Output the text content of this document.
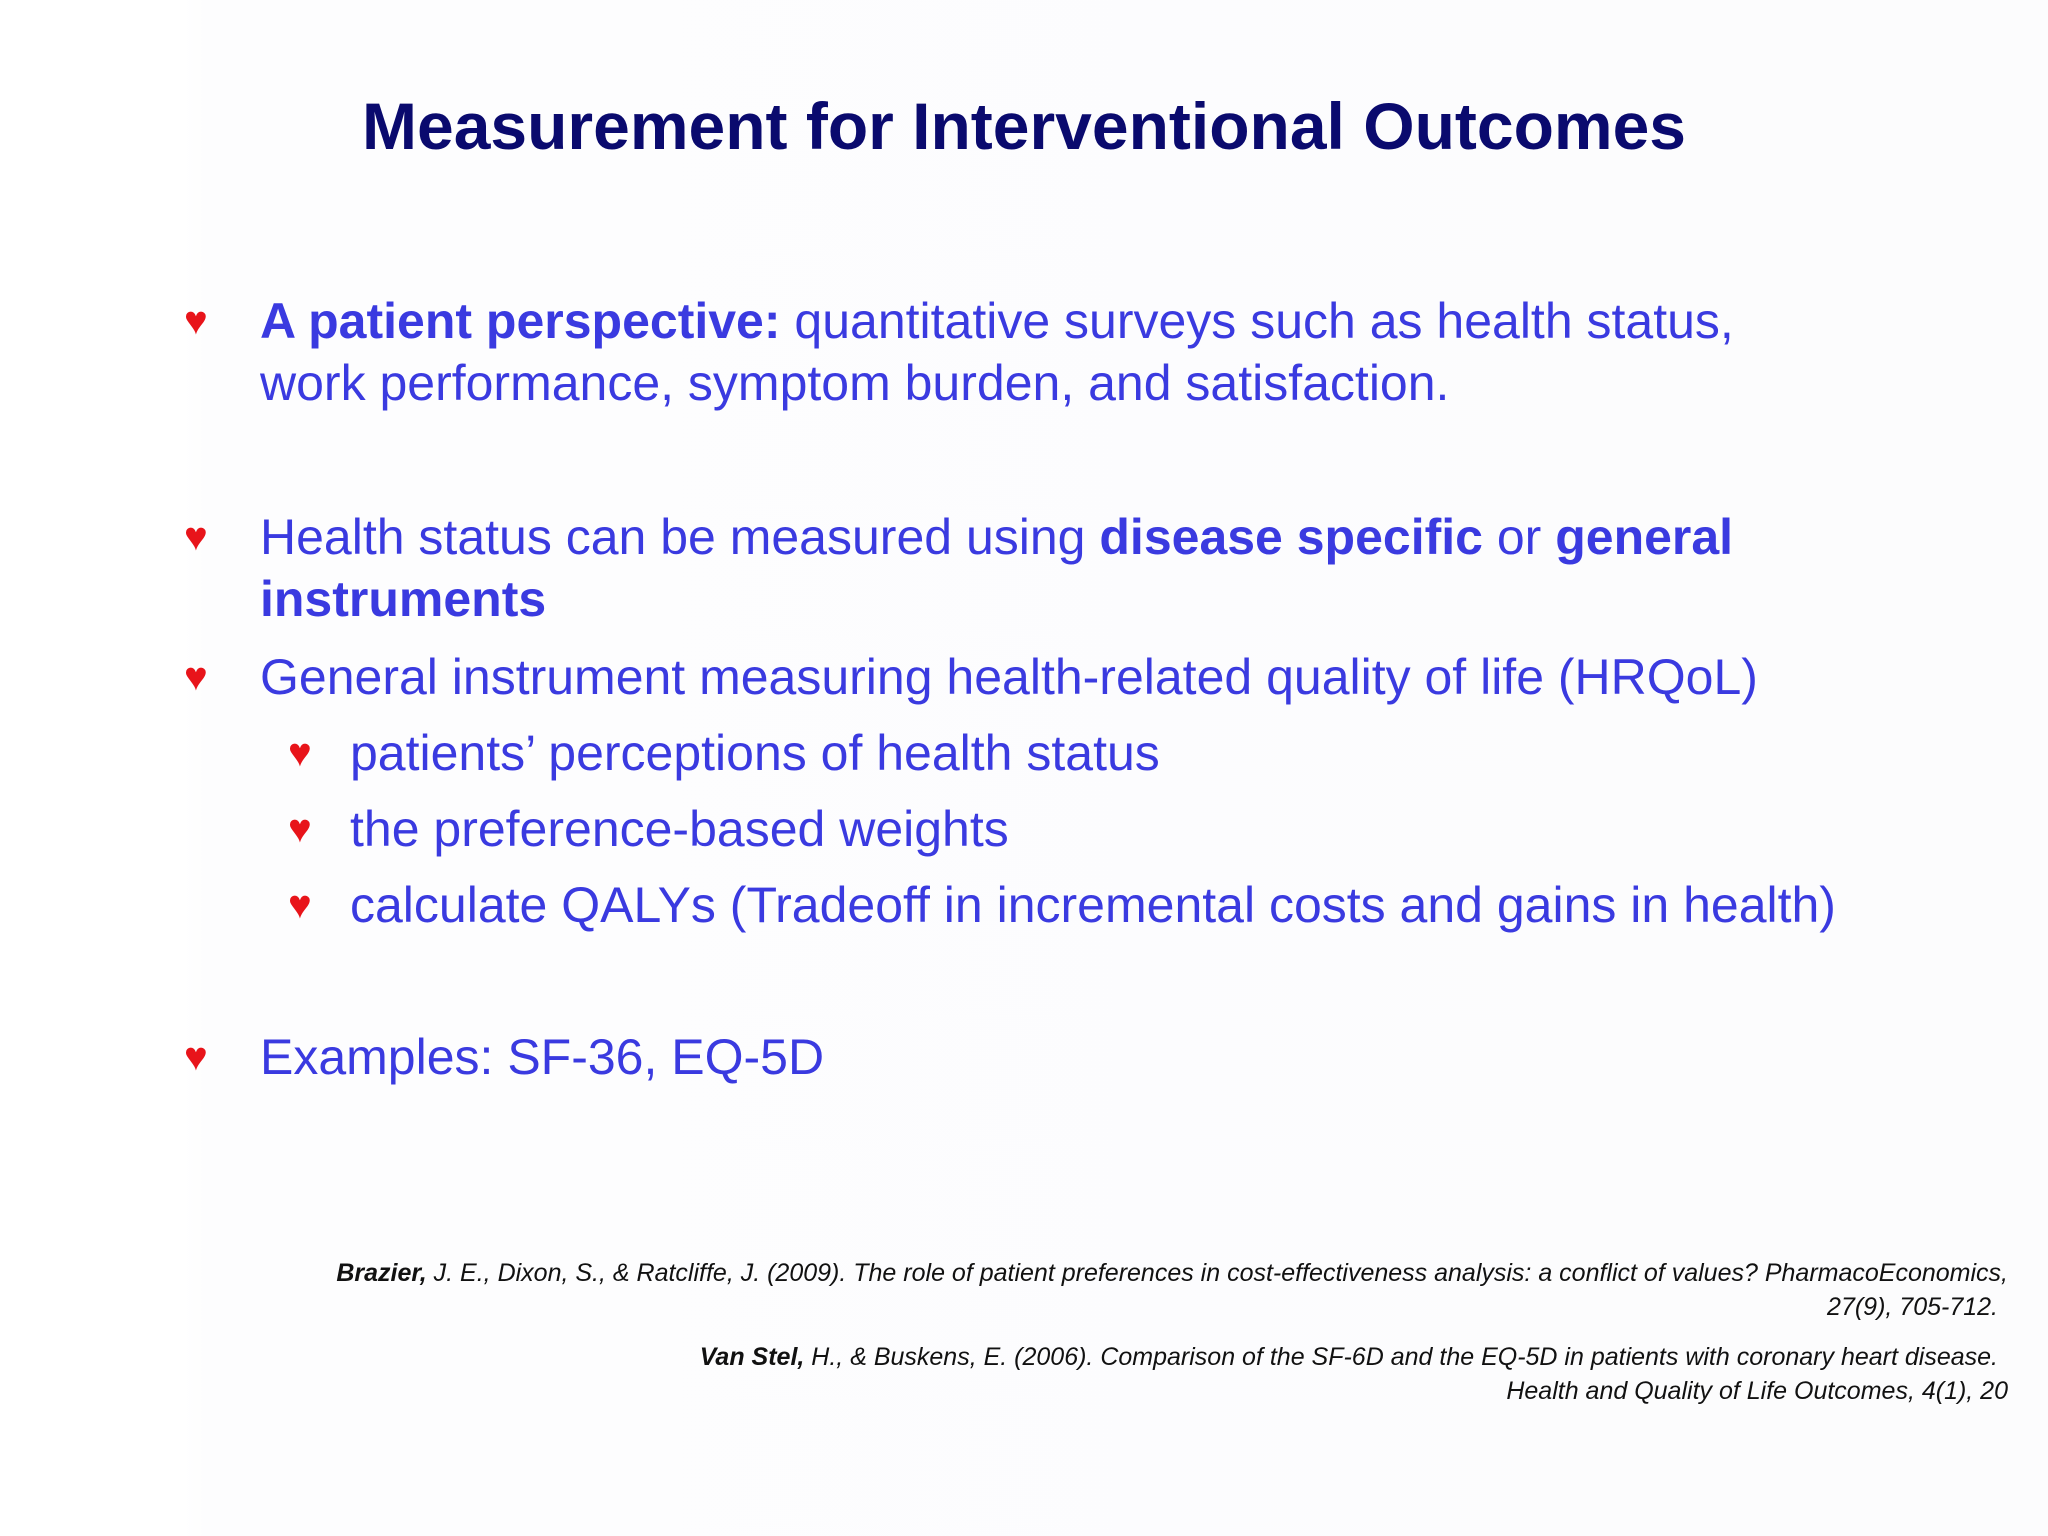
Measurement for Interventional Outcomes
♥ A patient perspective: quantitative surveys such as health status, work performance, symptom burden, and satisfaction.
♥ Health status can be measured using disease specific or general instruments
♥ General instrument measuring health-related quality of life (HRQoL)
♥ patients’ perceptions of health status
♥ the preference-based weights
♥ calculate QALYs (Tradeoff in incremental costs and gains in health)
♥ Examples: SF-36, EQ-5D
Brazier, J. E., Dixon, S., & Ratcliffe, J. (2009). The role of patient preferences in cost-effectiveness analysis: a conflict of values? PharmacoEconomics,
27(9), 705-712.
Van Stel, H., & Buskens, E. (2006). Comparison of the SF-6D and the EQ-5D in patients with coronary heart disease.
Health and Quality of Life Outcomes, 4(1), 20
